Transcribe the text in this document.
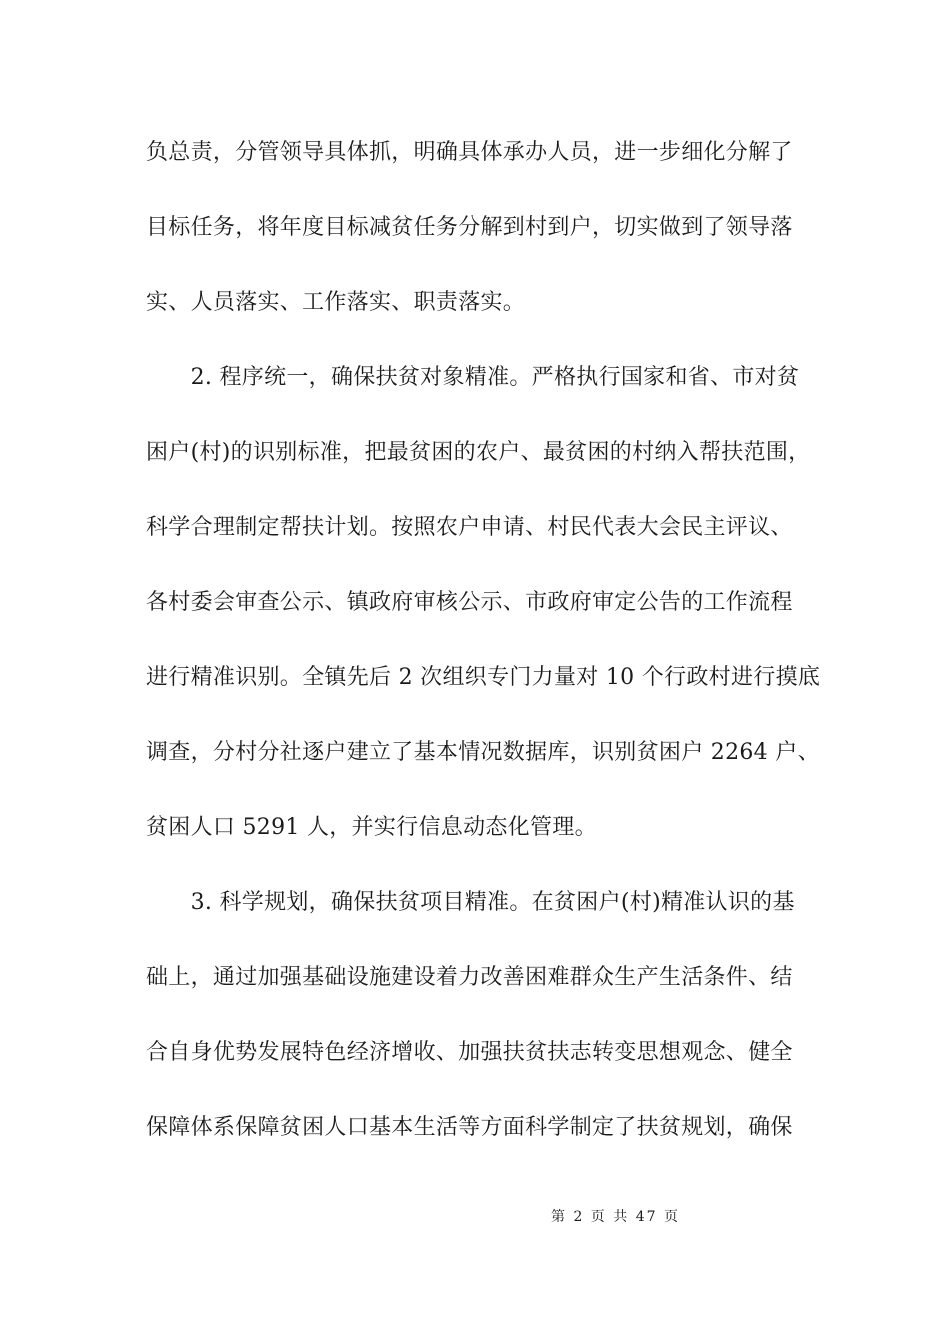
负总责，分管领导具体抓，明确具体承办人员，进一步细化分解了
目标任务，将年度目标减贫任务分解到村到户，切实做到了领导落
实、人员落实、工作落实、职责落实。
　　2. 程序统一，确保扶贫对象精准。严格执行国家和省、市对贫
困户(村)的识别标准，把最贫困的农户、最贫困的村纳入帮扶范围，
科学合理制定帮扶计划。按照农户申请、村民代表大会民主评议、
各村委会审查公示、镇政府审核公示、市政府审定公告的工作流程
进行精准识别。全镇先后 2 次组织专门力量对 10 个行政村进行摸底
调查，分村分社逐户建立了基本情况数据库，识别贫困户 2264 户、
贫困人口 5291 人，并实行信息动态化管理。
　　3. 科学规划，确保扶贫项目精准。在贫困户(村)精准认识的基
础上，通过加强基础设施建设着力改善困难群众生产生活条件、结
合自身优势发展特色经济增收、加强扶贫扶志转变思想观念、健全
保障体系保障贫困人口基本生活等方面科学制定了扶贫规划，确保
第 2 页 共 47 页
